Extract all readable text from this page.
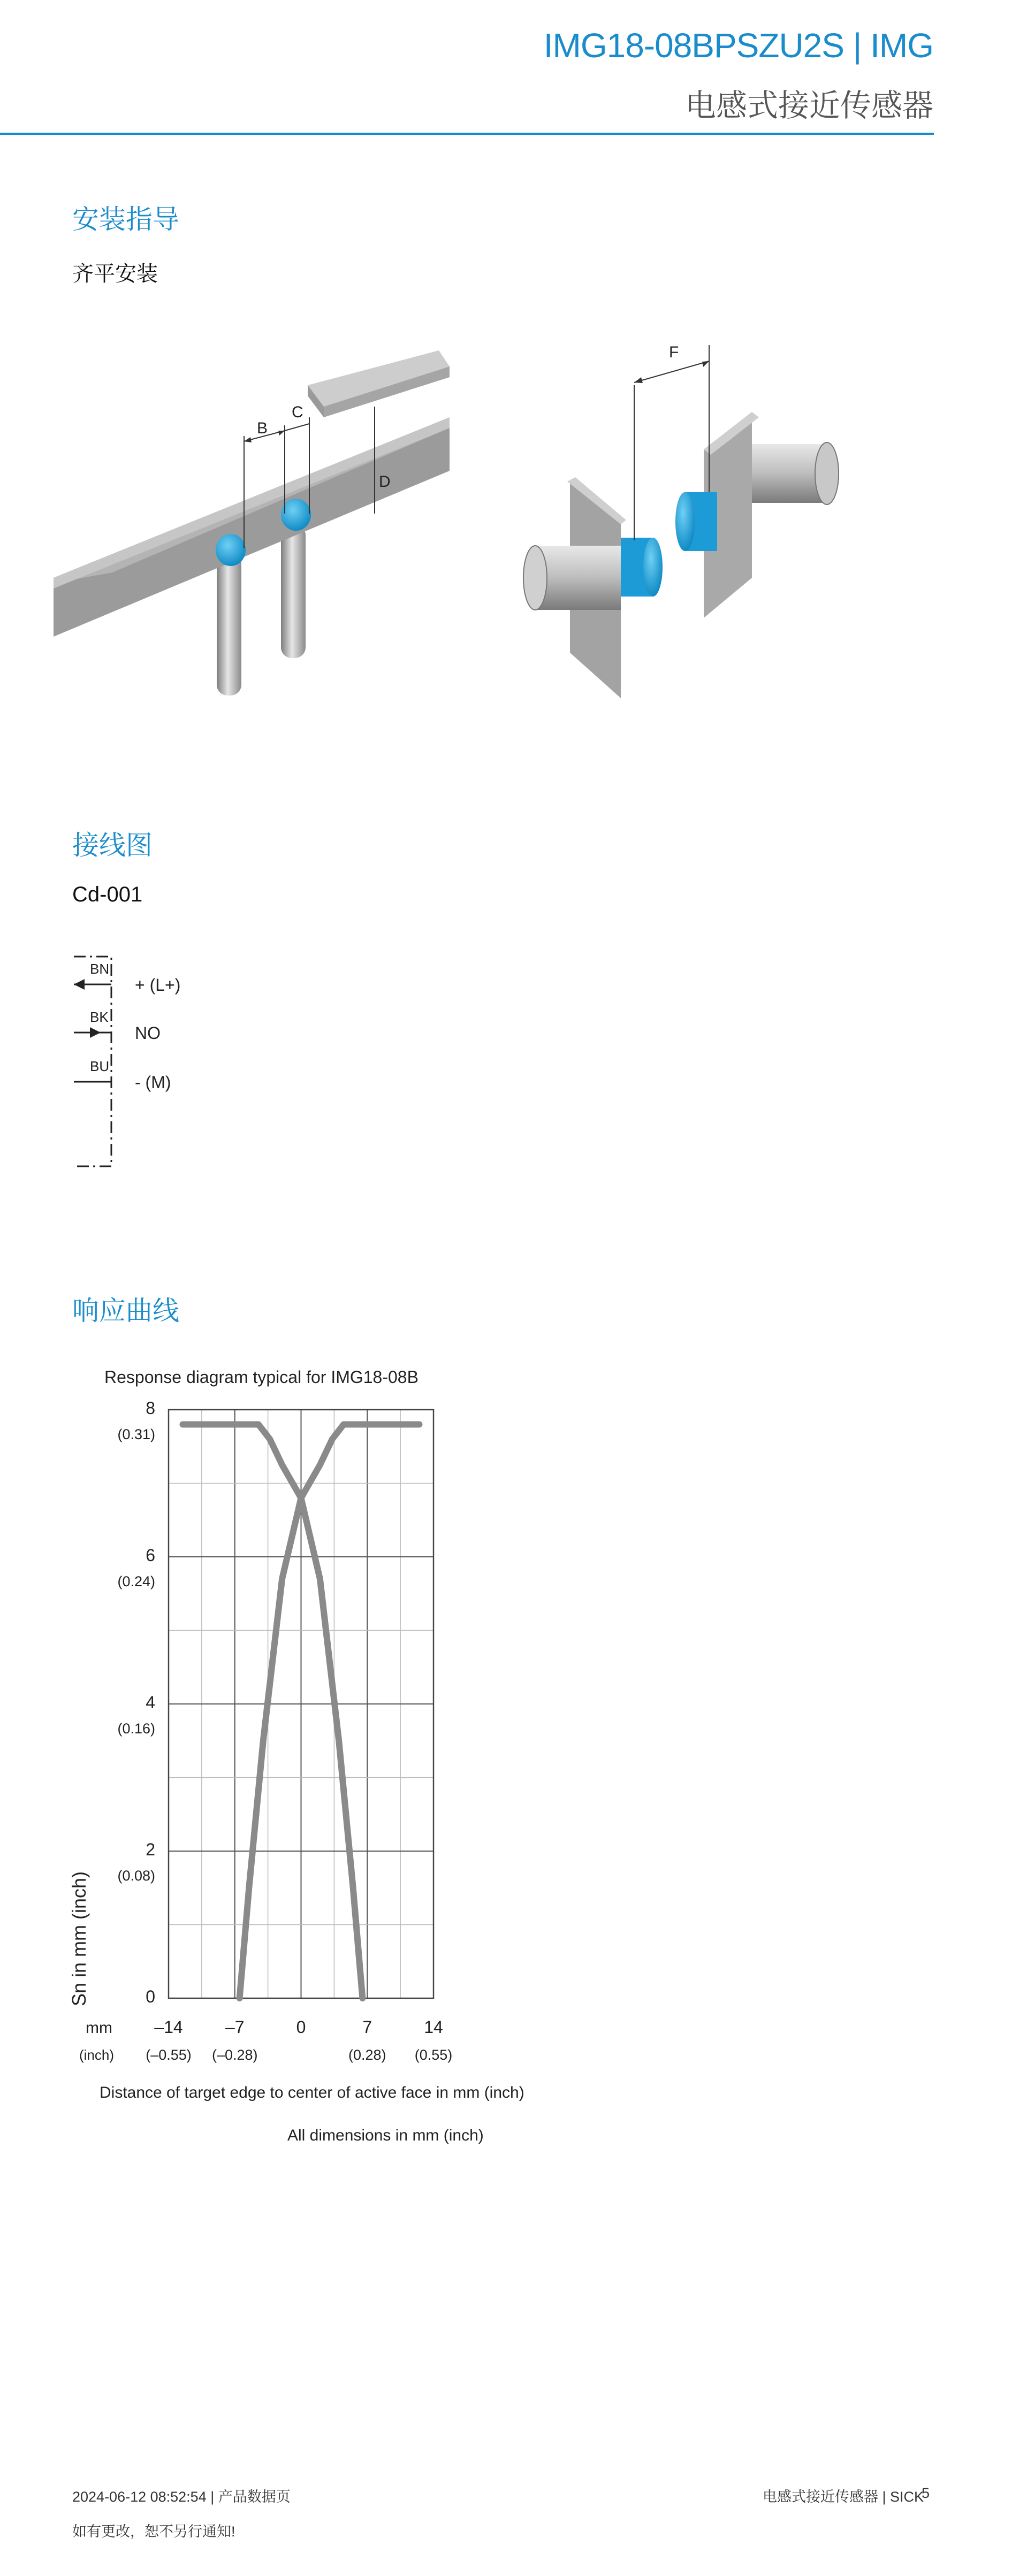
IMG18-08BPSZU2S | IMG
电感式接近传感器
安装指导
齐平安装
B
C
D
F
接线图
Cd-001
BN
+ (L+)
BK
NO
BU
- (M)
响应曲线
Response diagram typical for IMG18-08B
–14
(–0.55)
–7
(–0.28)
0	7
(0.28)
14
(0.55)
0
2
(0.08)
4
(0.16)
6
(0.24)
8
(0.31)
Sn in mm (inch)
mm
(inch)
Distance of target edge to center of active face in mm (inch)
All dimensions in mm (inch)
2024-06-12 08:52:54 | 产品数据页
如有更改，恕不另行通知!
电感式接近传感器 | SICK
5
